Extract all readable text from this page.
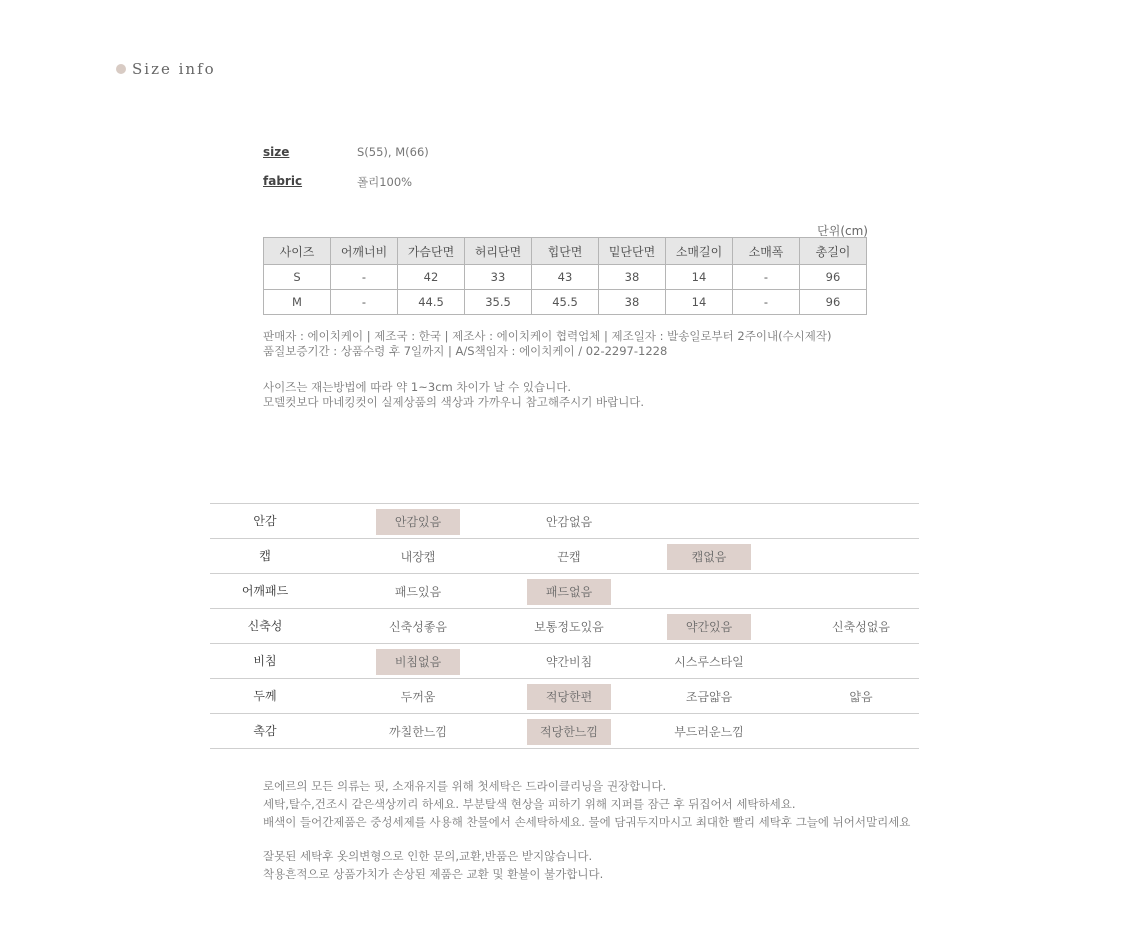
Size info
size	S(55), M(66)
fabric	폴리100%
단위(cm)
사이즈	어깨너비	가슴단면	허리단면	힙단면	밑단단면	소매길이	소매폭	총길이
S	-	42	33	43	38	14	-	96
M	-	44.5	35.5	45.5	38	14	-	96
판매자 : 에이치케이 | 제조국 : 한국 | 제조사 : 에이치케이 협력업체 | 제조일자 : 발송일로부터 2주이내(수시제작)
품질보증기간 : 상품수령 후 7일까지 | A/S책임자 : 에이치케이 / 02-2297-1228
사이즈는 재는방법에 따라 약 1~3cm 차이가 날 수 있습니다.
모델컷보다 마네킹컷이 실제상품의 색상과 가까우니 참고해주시기 바랍니다.
안감	안감있음	안감없음
캡	내장캡	끈캡	캡없음
어깨패드	패드있음	패드없음
신축성	신축성좋음	보통정도있음	약간있음	신축성없음
비침	비침없음	약간비침	시스루스타일
두께	두꺼움	적당한편	조금얇음	얇음
촉감	까칠한느낌	적당한느낌	부드러운느낌
로에르의 모든 의류는 핏, 소재유지를 위해 첫세탁은 드라이클리닝을 권장합니다.
세탁,탈수,건조시 같은색상끼리 하세요. 부분탈색 현상을 피하기 위해 지퍼를 잠근 후 뒤집어서 세탁하세요.
배색이 들어간제품은 중성세제를 사용해 찬물에서 손세탁하세요. 물에 담궈두지마시고 최대한 빨리 세탁후 그늘에 뉘어서말리세요
잘못된 세탁후 옷의변형으로 인한 문의,교환,반품은 받지않습니다.
착용흔적으로 상품가치가 손상된 제품은 교환 및 환불이 불가합니다.
